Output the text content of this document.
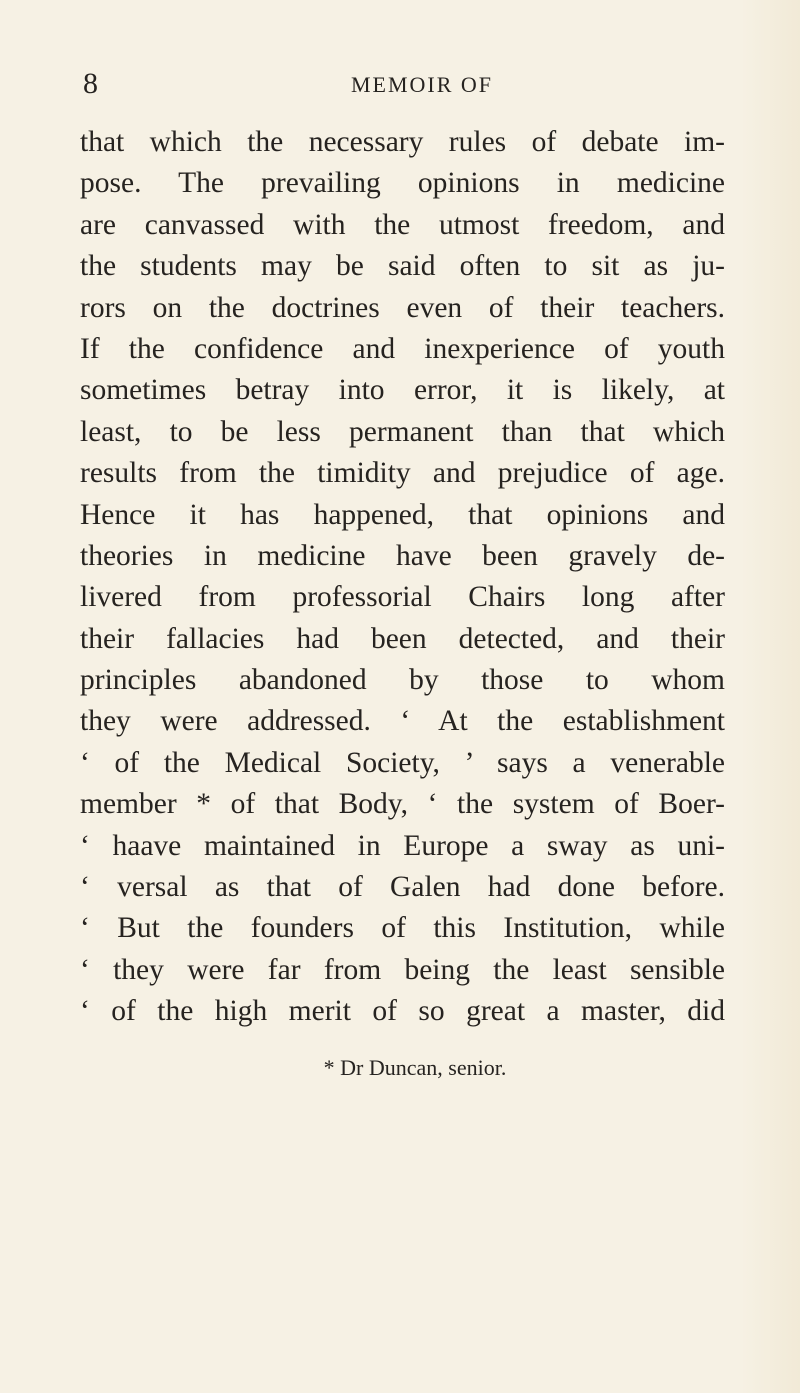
8	MEMOIR OF
that which the necessary rules of debate im-
pose. The prevailing opinions in medicine
are canvassed with the utmost freedom, and
the students may be said often to sit as ju-
rors on the doctrines even of their teachers.
If the confidence and inexperience of youth
sometimes betray into error, it is likely, at
least, to be less permanent than that which
results from the timidity and prejudice of age.
Hence it has happened, that opinions and
theories in medicine have been gravely de-
livered from professorial Chairs long after
their fallacies had been detected, and their
principles abandoned by those to whom
they were addressed. ‘ At the establishment
‘ of the Medical Society, ’ says a venerable
member * of that Body, ‘ the system of Boer-
‘ haave maintained in Europe a sway as uni-
‘ versal as that of Galen had done before.
‘ But the founders of this Institution, while
‘ they were far from being the least sensible
‘ of the high merit of so great a master, did
* Dr Duncan, senior.
